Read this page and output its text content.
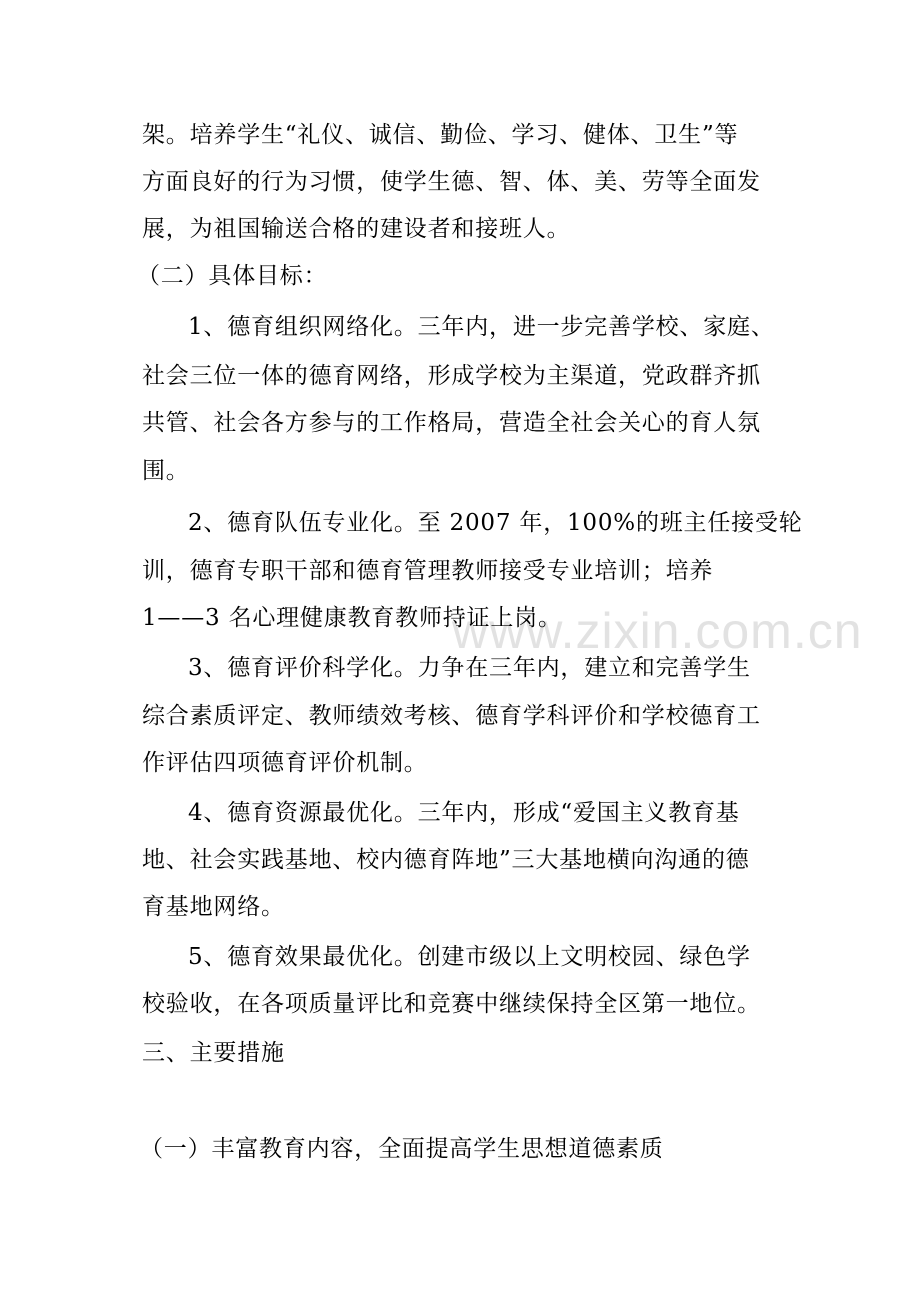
www.zixin.com.cn
架。培养学生“礼仪、诚信、勤俭、学习、健体、卫生”等
方面良好的行为习惯，使学生德、智、体、美、劳等全面发
展，为祖国输送合格的建设者和接班人。
（二）具体目标：
1、德育组织网络化。三年内，进一步完善学校、家庭、
社会三位一体的德育网络，形成学校为主渠道，党政群齐抓
共管、社会各方参与的工作格局，营造全社会关心的育人氛
围。
2、德育队伍专业化。至 2007 年，100%的班主任接受轮
训，德育专职干部和德育管理教师接受专业培训；培养
1——3 名心理健康教育教师持证上岗。
3、德育评价科学化。力争在三年内，建立和完善学生
综合素质评定、教师绩效考核、德育学科评价和学校德育工
作评估四项德育评价机制。
4、德育资源最优化。三年内，形成“爱国主义教育基
地、社会实践基地、校内德育阵地”三大基地横向沟通的德
育基地网络。
5、德育效果最优化。创建市级以上文明校园、绿色学
校验收，在各项质量评比和竞赛中继续保持全区第一地位。
三、主要措施
（一）丰富教育内容，全面提高学生思想道德素质
